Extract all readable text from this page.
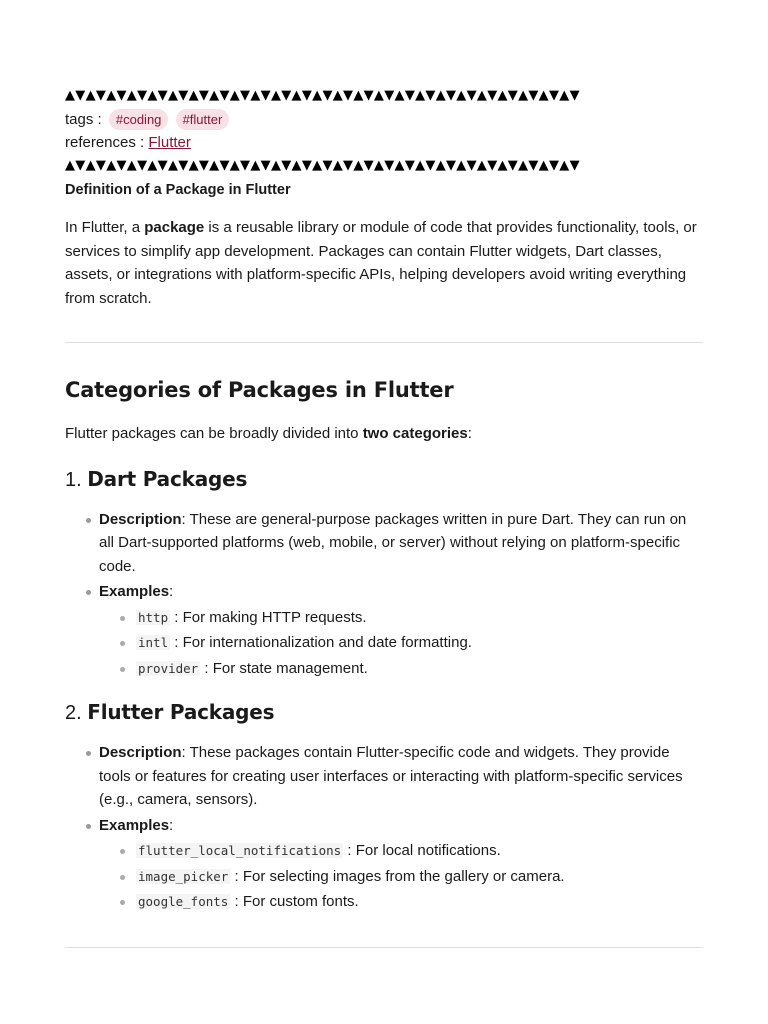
▲▼▲▼▲▼▲▼▲▼▲▼▲▼▲▼▲▼▲▼▲▼▲▼▲▼▲▼▲▼▲▼▲▼▲▼▲▼▲▼▲▼▲▼▲▼▲▼▲▼
tags : #coding #flutter
references : Flutter
▲▼▲▼▲▼▲▼▲▼▲▼▲▼▲▼▲▼▲▼▲▼▲▼▲▼▲▼▲▼▲▼▲▼▲▼▲▼▲▼▲▼▲▼▲▼▲▼▲▼
Definition of a Package in Flutter

In Flutter, a package is a reusable library or module of code that provides functionality, tools, or services to simplify app development. Packages can contain Flutter widgets, Dart classes, assets, or integrations with platform-specific APIs, helping developers avoid writing everything from scratch.

Categories of Packages in Flutter

Flutter packages can be broadly divided into two categories:

1. Dart Packages
Description: These are general-purpose packages written in pure Dart. They can run on all Dart-supported platforms (web, mobile, or server) without relying on platform-specific code.
Examples:
http : For making HTTP requests.
intl : For internationalization and date formatting.
provider : For state management.
2. Flutter Packages
Description: These packages contain Flutter-specific code and widgets. They provide tools or features for creating user interfaces or interacting with platform-specific services (e.g., camera, sensors).
Examples:
flutter_local_notifications : For local notifications.
image_picker : For selecting images from the gallery or camera.
google_fonts : For custom fonts.
